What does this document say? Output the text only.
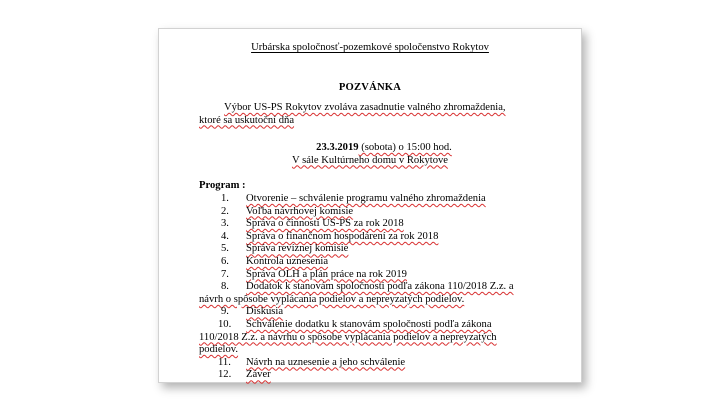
Urbárska spoločnosť-pozemkové spoločenstvo Rokytov
POZVÁNKA
Výbor US-PS Rokytov zvoláva zasadnutie valného zhromaždenia,
ktoré sa uskutoční dňa
23.3.2019 (sobota) o 15:00 hod.
V sále Kultúrneho domu v Rokytove
Program :
1. Otvorenie – schválenie programu valného zhromaždenia
2. Voľba návrhovej komisie
3. Správa o činnosti US-PS za rok 2018
4. Správa o finančnom hospodárení za rok 2018
5. Správa revíznej komisie
6. Kontrola uznesenia
7. Správa OLH a plán práce na rok 2019
8. Dodatok k stanovám spoločnosti podľa zákona 110/2018 Z.z. a
návrh o spôsobe vyplácania podielov a nepreyzatých podielov.
9. Diskusia
10. Schválenie dodatku k stanovám spoločnosti podľa zákona
110/2018 Z.z. a návrhu o spôsobe vyplácania podielov a nepreyzatých
podielov.
11. Návrh na uznesenie a jeho schválenie
12. Záver
